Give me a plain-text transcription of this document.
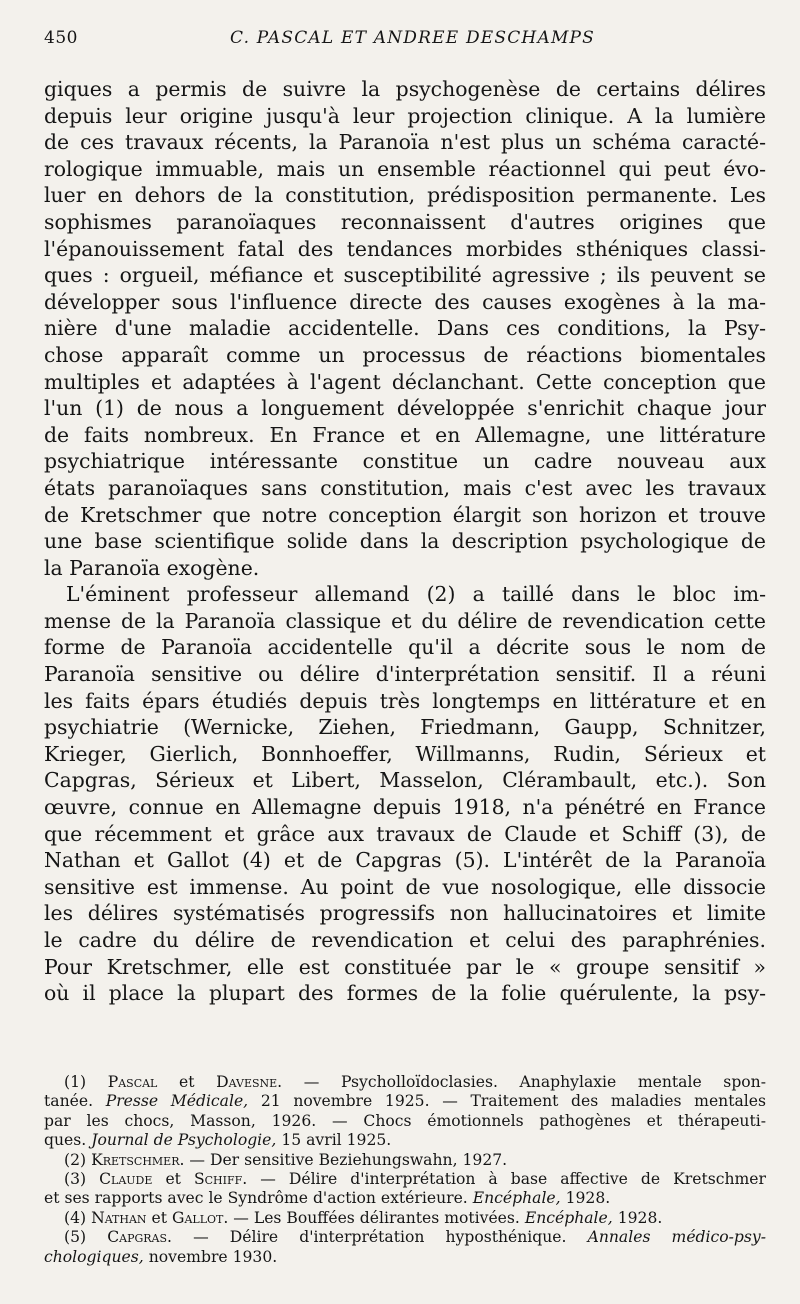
450	C. PASCAL ET ANDREE DESCHAMPS
giques a permis de suivre la psychogenèse de certains délires
depuis leur origine jusqu'à leur projection clinique. A la lumière
de ces travaux récents, la Paranoïa n'est plus un schéma caracté-
rologique immuable, mais un ensemble réactionnel qui peut évo-
luer en dehors de la constitution, prédisposition permanente. Les
sophismes paranoïaques reconnaissent d'autres origines que
l'épanouissement fatal des tendances morbides sthéniques classi-
ques : orgueil, méfiance et susceptibilité agressive ; ils peuvent se
développer sous l'influence directe des causes exogènes à la ma-
nière d'une maladie accidentelle. Dans ces conditions, la Psy-
chose apparaît comme un processus de réactions biomentales
multiples et adaptées à l'agent déclanchant. Cette conception que
l'un (1) de nous a longuement développée s'enrichit chaque jour
de faits nombreux. En France et en Allemagne, une littérature
psychiatrique intéressante constitue un cadre nouveau aux
états paranoïaques sans constitution, mais c'est avec les travaux
de Kretschmer que notre conception élargit son horizon et trouve
une base scientifique solide dans la description psychologique de
la Paranoïa exogène.
L'éminent professeur allemand (2) a taillé dans le bloc im-
mense de la Paranoïa classique et du délire de revendication cette
forme de Paranoïa accidentelle qu'il a décrite sous le nom de
Paranoïa sensitive ou délire d'interprétation sensitif. Il a réuni
les faits épars étudiés depuis très longtemps en littérature et en
psychiatrie (Wernicke, Ziehen, Friedmann, Gaupp, Schnitzer,
Krieger, Gierlich, Bonnhoeffer, Willmanns, Rudin, Sérieux et
Capgras, Sérieux et Libert, Masselon, Clérambault, etc.). Son
œuvre, connue en Allemagne depuis 1918, n'a pénétré en France
que récemment et grâce aux travaux de Claude et Schiff (3), de
Nathan et Gallot (4) et de Capgras (5). L'intérêt de la Paranoïa
sensitive est immense. Au point de vue nosologique, elle dissocie
les délires systématisés progressifs non hallucinatoires et limite
le cadre du délire de revendication et celui des paraphrénies.
Pour Kretschmer, elle est constituée par le « groupe sensitif »
où il place la plupart des formes de la folie quérulente, la psy-
(1) Pascal et Davesne. — Psycholloïdoclasies. Anaphylaxie mentale spon-
tanée. Presse Médicale, 21 novembre 1925. — Traitement des maladies mentales
par les chocs, Masson, 1926. — Chocs émotionnels pathogènes et thérapeuti-
ques. Journal de Psychologie, 15 avril 1925.
(2) Kretschmer. — Der sensitive Beziehungswahn, 1927.
(3) Claude et Schiff. — Délire d'interprétation à base affective de Kretschmer
et ses rapports avec le Syndrôme d'action extérieure. Encéphale, 1928.
(4) Nathan et Gallot. — Les Bouffées délirantes motivées. Encéphale, 1928.
(5) Capgras. — Délire d'interprétation hyposthénique. Annales médico-psy-
chologiques, novembre 1930.
